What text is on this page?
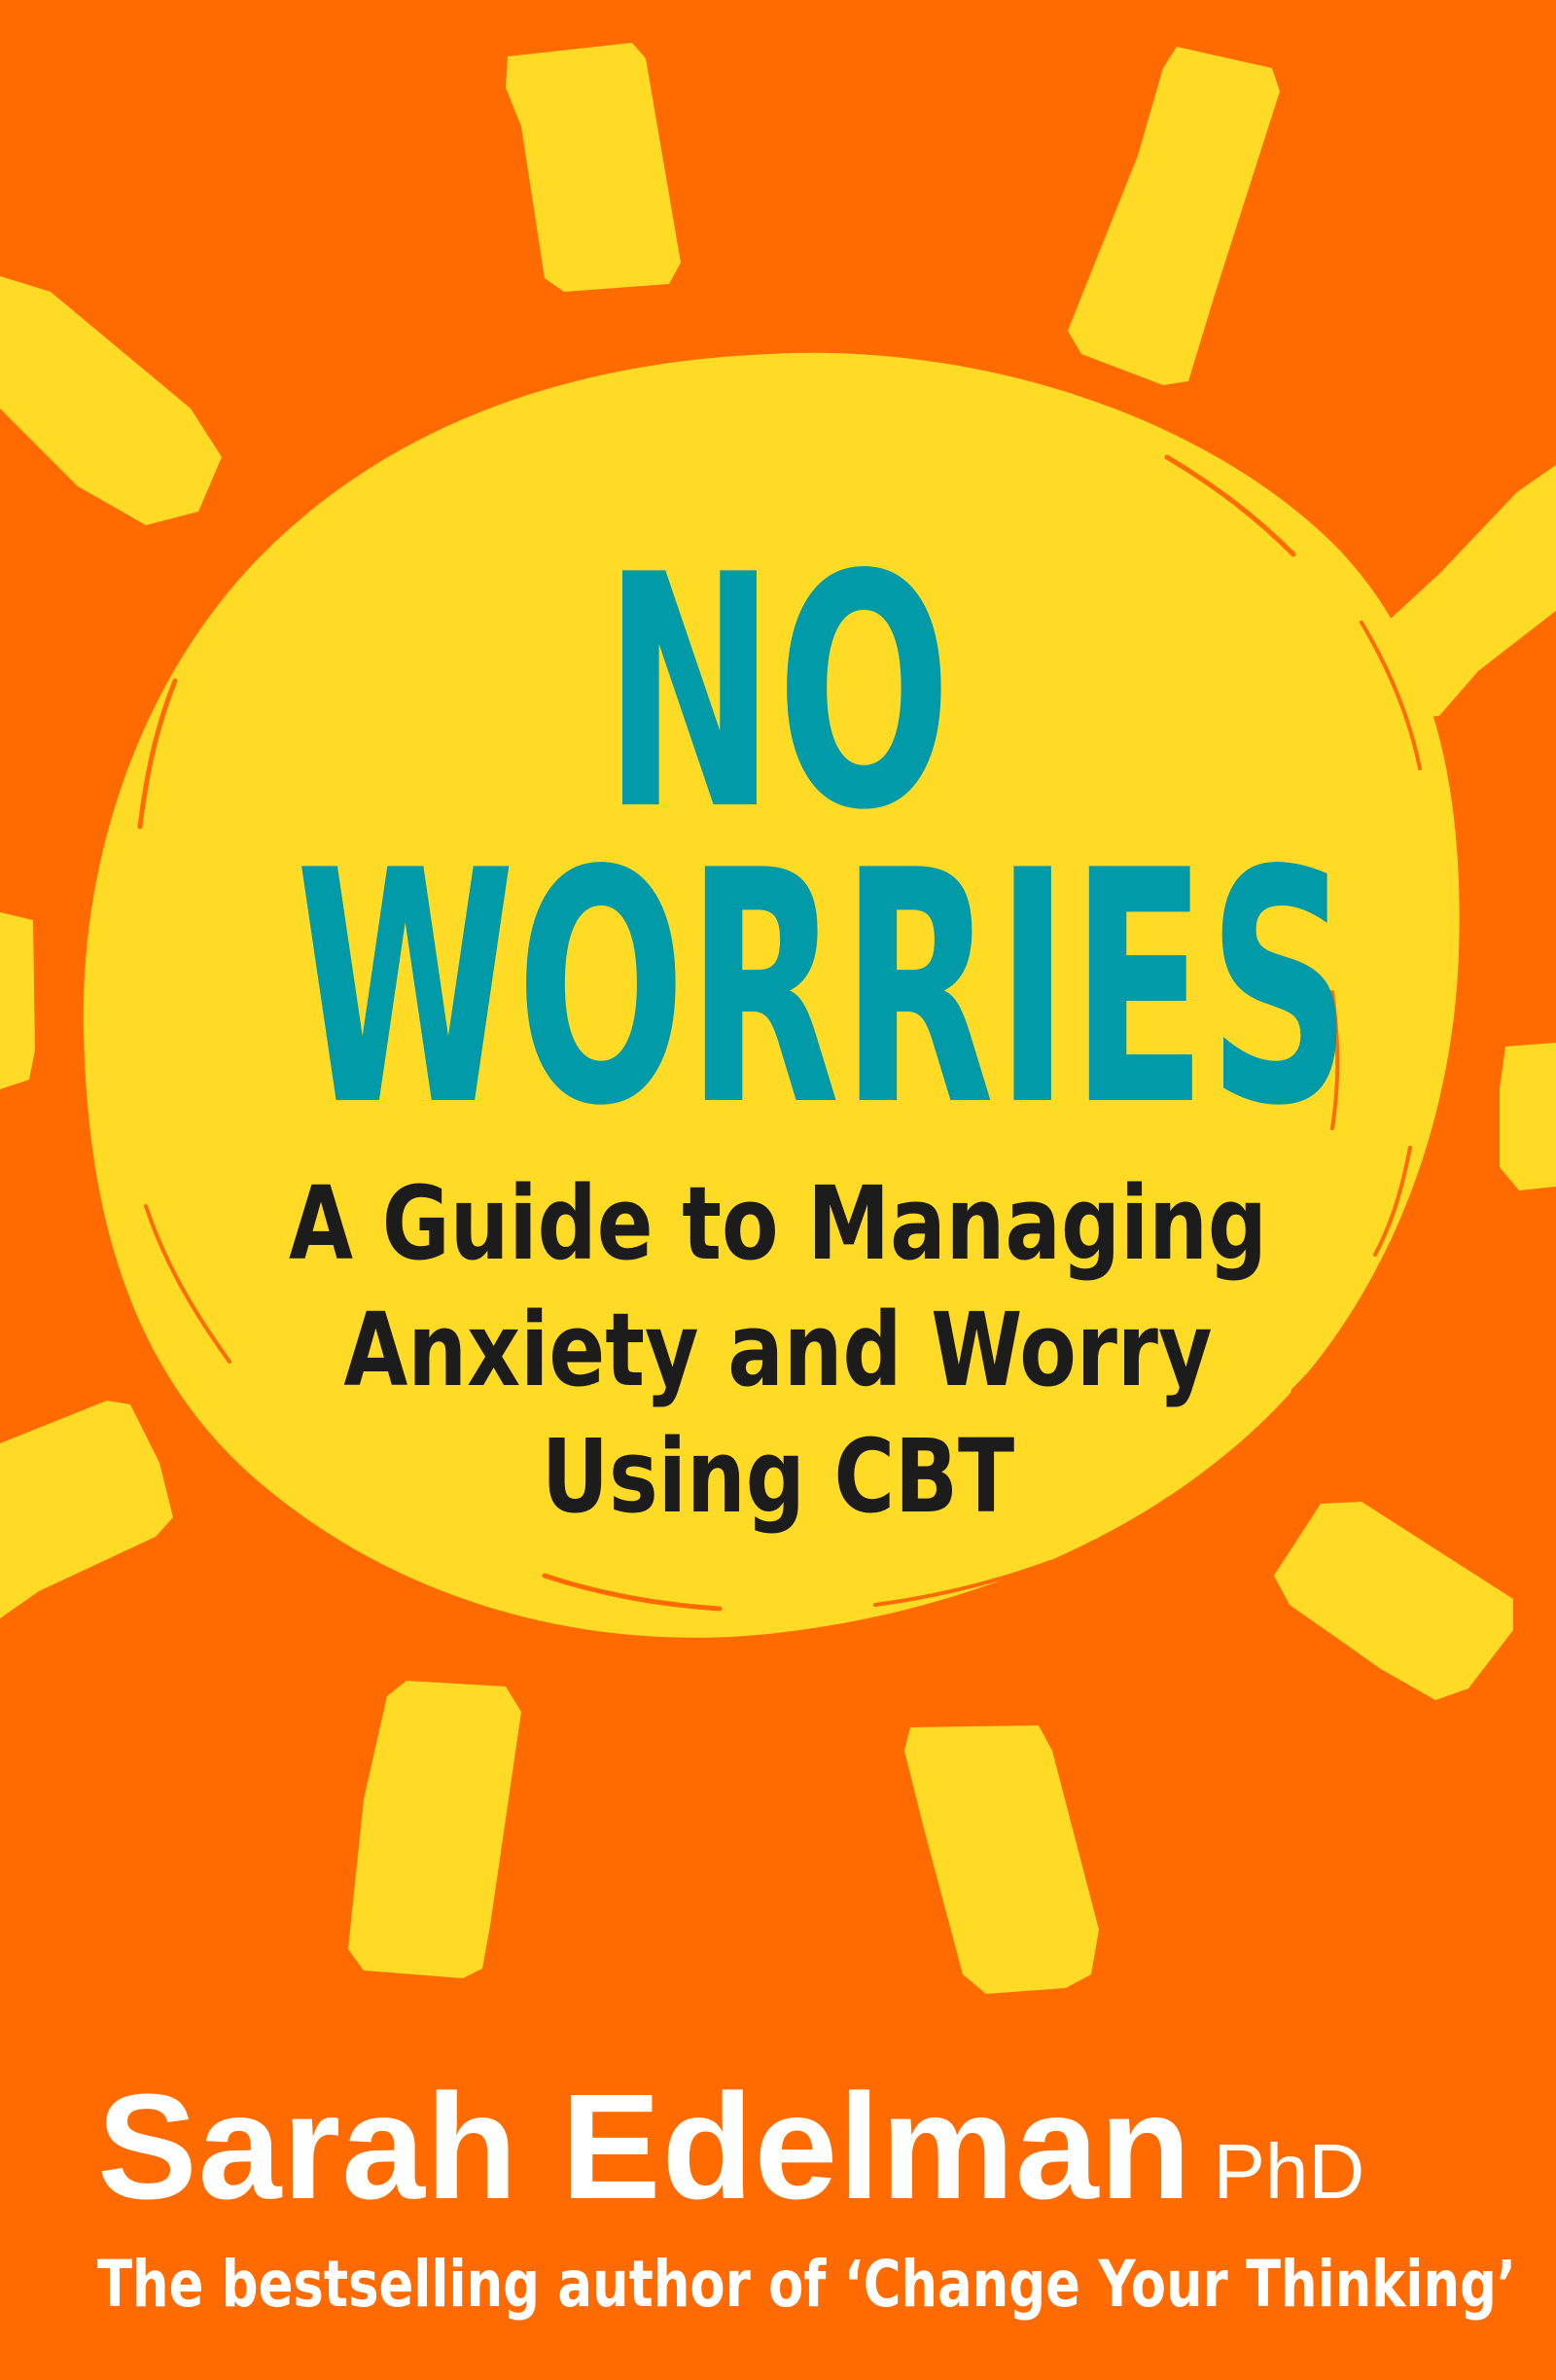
NO
WORRIES
A Guide to Managing
Anxiety and Worry
Using CBT
Sarah Edelman PhD
The bestselling author of ‘Change Your Thinking’
